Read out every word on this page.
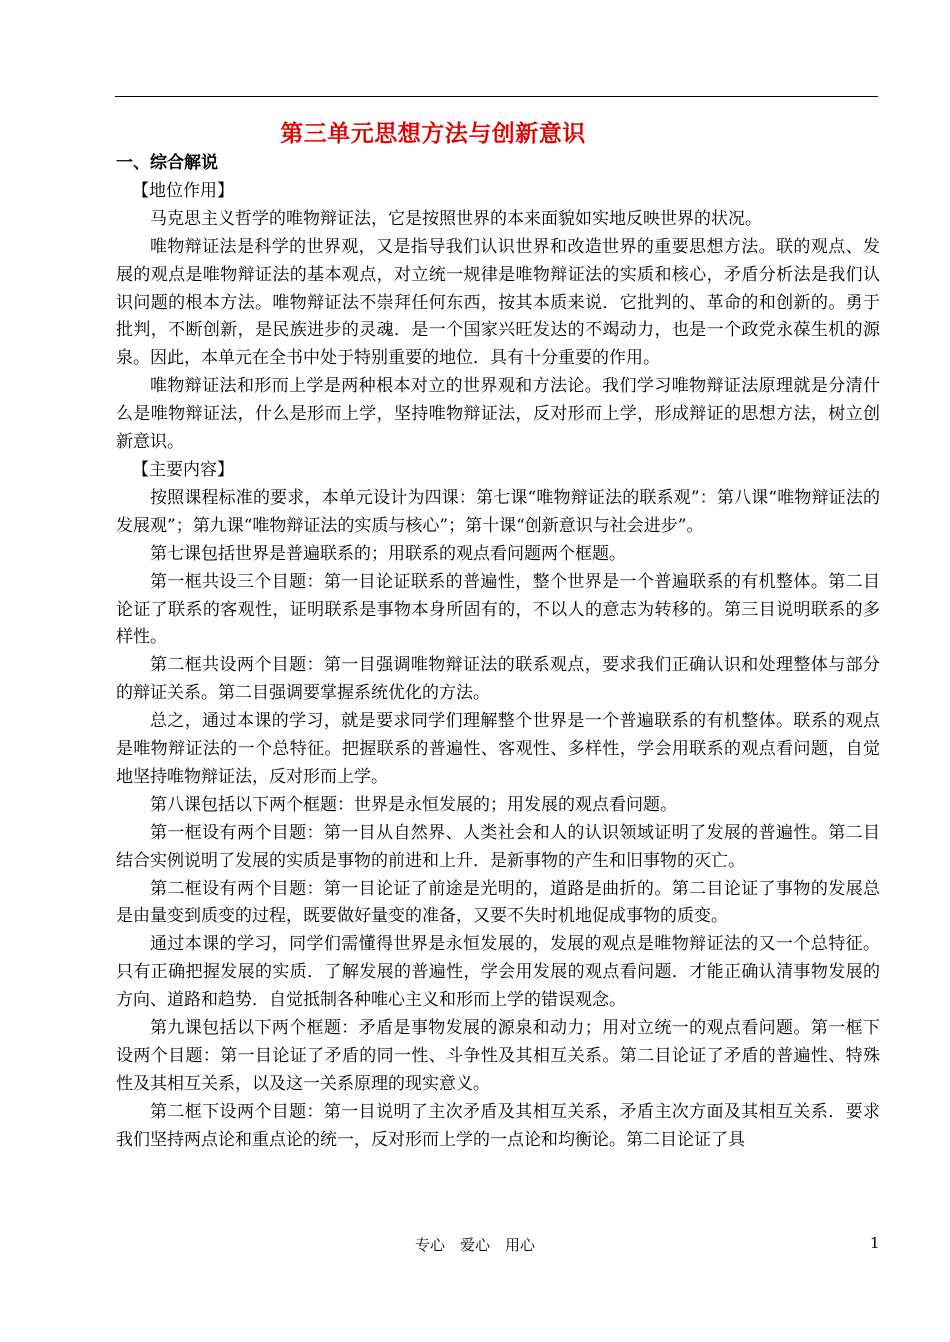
第三单元思想方法与创新意识
一、综合解说
【地位作用】

马克思主义哲学的唯物辩证法，它是按照世界的本来面貌如实地反映世界的状况。

唯物辩证法是科学的世界观，又是指导我们认识世界和改造世界的重要思想方法。联的观点、发展的观点是唯物辩证法的基本观点，对立统一规律是唯物辩证法的实质和核心，矛盾分析法是我们认识问题的根本方法。唯物辩证法不崇拜任何东西，按其本质来说．它批判的、革命的和创新的。勇于批判，不断创新，是民族进步的灵魂．是一个国家兴旺发达的不竭动力，也是一个政党永葆生机的源泉。因此，本单元在全书中处于特别重要的地位．具有十分重要的作用。

唯物辩证法和形而上学是两种根本对立的世界观和方法论。我们学习唯物辩证法原理就是分清什么是唯物辩证法，什么是形而上学，坚持唯物辩证法，反对形而上学，形成辩证的思想方法，树立创新意识。

【主要内容】

按照课程标准的要求，本单元设计为四课：第七课“唯物辩证法的联系观”：第八课“唯物辩证法的发展观”；第九课“唯物辩证法的实质与核心”；第十课“创新意识与社会进步”。

第七课包括世界是普遍联系的；用联系的观点看问题两个框题。

第一框共设三个目题：第一目论证联系的普遍性，整个世界是一个普遍联系的有机整体。第二目论证了联系的客观性，证明联系是事物本身所固有的，不以人的意志为转移的。第三目说明联系的多样性。

第二框共设两个目题：第一目强调唯物辩证法的联系观点，要求我们正确认识和处理整体与部分的辩证关系。第二目强调要掌握系统优化的方法。

总之，通过本课的学习，就是要求同学们理解整个世界是一个普遍联系的有机整体。联系的观点是唯物辩证法的一个总特征。把握联系的普遍性、客观性、多样性，学会用联系的观点看问题，自觉地坚持唯物辩证法，反对形而上学。

第八课包括以下两个框题：世界是永恒发展的；用发展的观点看问题。

第一框设有两个目题：第一目从自然界、人类社会和人的认识领域证明了发展的普遍性。第二目结合实例说明了发展的实质是事物的前进和上升．是新事物的产生和旧事物的灭亡。

第二框设有两个目题：第一目论证了前途是光明的，道路是曲折的。第二目论证了事物的发展总是由量变到质变的过程，既要做好量变的准备，又要不失时机地促成事物的质变。

通过本课的学习，同学们需懂得世界是永恒发展的，发展的观点是唯物辩证法的又一个总特征。只有正确把握发展的实质．了解发展的普遍性，学会用发展的观点看问题．才能正确认清事物发展的方向、道路和趋势．自觉抵制各种唯心主义和形而上学的错误观念。

第九课包括以下两个框题：矛盾是事物发展的源泉和动力；用对立统一的观点看问题。第一框下设两个目题：第一目论证了矛盾的同一性、斗争性及其相互关系。第二目论证了矛盾的普遍性、特殊性及其相互关系，以及这一关系原理的现实意义。

第二框下设两个目题：第一目说明了主次矛盾及其相互关系，矛盾主次方面及其相互关系．要求我们坚持两点论和重点论的统一，反对形而上学的一点论和均衡论。第二目论证了具

专心　爱心　用心	1
